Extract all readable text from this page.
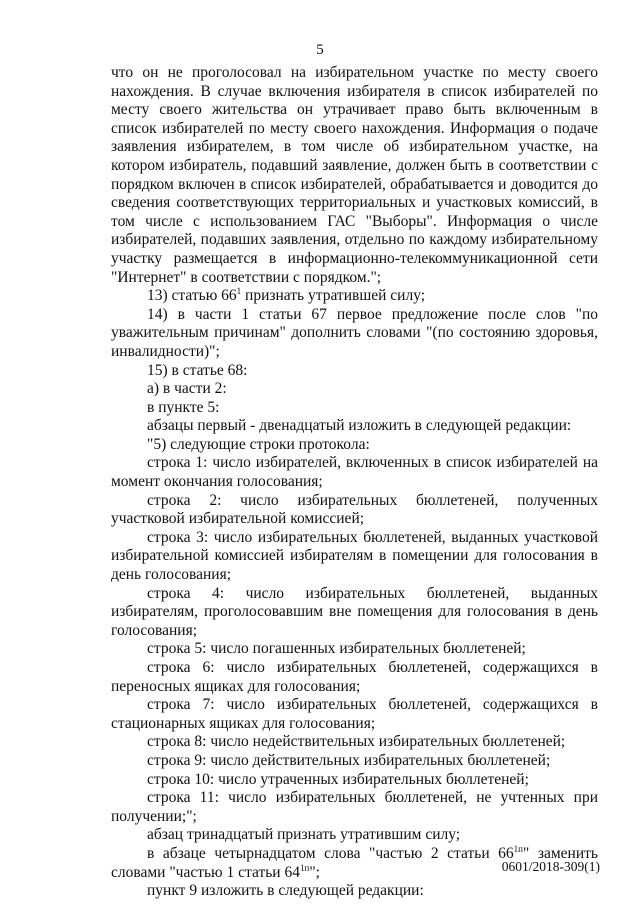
5

что он не проголосовал на избирательном участке по месту своего нахождения. В случае включения избирателя в список избирателей по месту своего жительства он утрачивает право быть включенным в список избирателей по месту своего нахождения. Информация о подаче заявления избирателем, в том числе об избирательном участке, на котором избиратель, подавший заявление, должен быть в соответствии с порядком включен в список избирателей, обрабатывается и доводится до сведения соответствующих территориальных и участковых комиссий, в том числе с использованием ГАС "Выборы". Информация о числе избирателей, подавших заявления, отдельно по каждому избирательному участку размещается в информационно-телекоммуникационной сети "Интернет" в соответствии с порядком.";

13) статью $66^1$ признать утратившей силу;

14) в части 1 статьи 67 первое предложение после слов "по уважительным причинам" дополнить словами "(по состоянию здоровья, инвалидности)";

15) в статье 68:

а) в части 2:

в пункте 5:

абзацы первый - двенадцатый изложить в следующей редакции:

"5) следующие строки протокола:

строка 1: число избирателей, включенных в список избирателей на момент окончания голосования;

строка 2: число избирательных бюллетеней, полученных участковой избирательной комиссией;

строка 3: число избирательных бюллетеней, выданных участковой избирательной комиссией избирателям в помещении для голосования в день голосования;

строка 4: число избирательных бюллетеней, выданных избирателям, проголосовавшим вне помещения для голосования в день голосования;

строка 5: число погашенных избирательных бюллетеней;

строка 6: число избирательных бюллетеней, содержащихся в переносных ящиках для голосования;

строка 7: число избирательных бюллетеней, содержащихся в стационарных ящиках для голосования;

строка 8: число недействительных избирательных бюллетеней;

строка 9: число действительных избирательных бюллетеней;

строка 10: число утраченных избирательных бюллетеней;

строка 11: число избирательных бюллетеней, не учтенных при получении;";

абзац тринадцатый признать утратившим силу;

в абзаце четырнадцатом слова "частью 2 статьи $66^{1п}$" заменить словами "частью 1 статьи $64^{1п}$";

пункт 9 изложить в следующей редакции:

0601/2018-309(1)
